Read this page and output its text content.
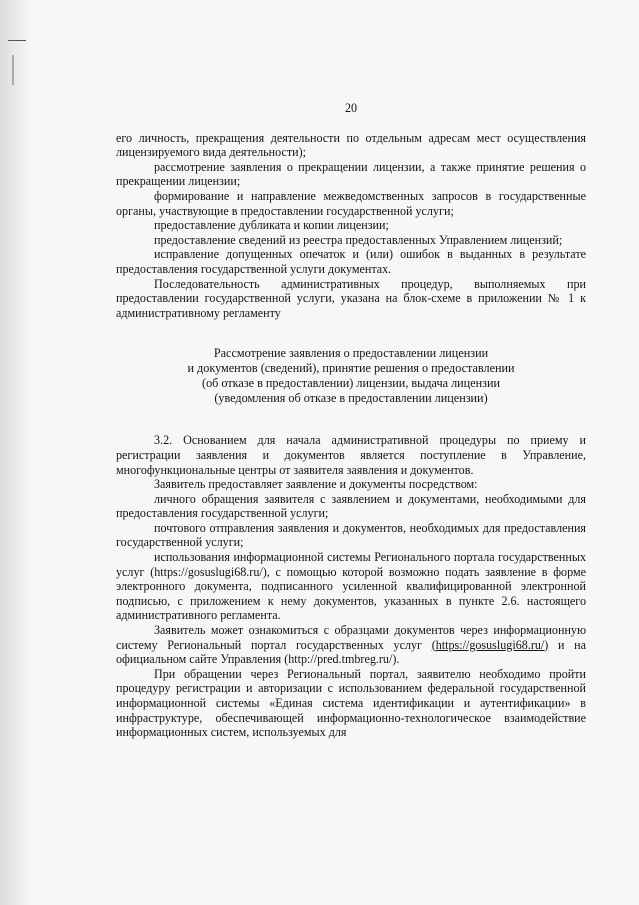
20

его личность, прекращения деятельности по отдельным адресам мест осуществления лицензируемого вида деятельности);

рассмотрение заявления о прекращении лицензии, а также принятие решения о прекращении лицензии;

формирование и направление межведомственных запросов в государственные органы, участвующие в предоставлении государственной услуги;

предоставление дубликата и копии лицензии;

предоставление сведений из реестра предоставленных Управлением лицензий;

исправление допущенных опечаток и (или) ошибок в выданных в результате предоставления государственной услуги документах.

Последовательность административных процедур, выполняемых при предоставлении государственной услуги, указана на блок-схеме в приложении № 1 к административному регламенту

Рассмотрение заявления о предоставлении лицензии
и документов (сведений), принятие решения о предоставлении
(об отказе в предоставлении) лицензии, выдача лицензии
(уведомления об отказе в предоставлении лицензии)

3.2. Основанием для начала административной процедуры по приему и регистрации заявления и документов является поступление в Управление, многофункциональные центры от заявителя заявления и документов.

Заявитель предоставляет заявление и документы посредством:

личного обращения заявителя с заявлением и документами, необходимыми для предоставления государственной услуги;

почтового отправления заявления и документов, необходимых для предоставления государственной услуги;

использования информационной системы Регионального портала государственных услуг (https://gosuslugi68.ru/), с помощью которой возможно подать заявление в форме электронного документа, подписанного усиленной квалифицированной электронной подписью, с приложением к нему документов, указанных в пункте 2.6. настоящего административного регламента.

Заявитель может ознакомиться с образцами документов через информационную систему Региональный портал государственных услуг (https://gosuslugi68.ru/) и на официальном сайте Управления (http://pred.tmbreg.ru/).

При обращении через Региональный портал, заявителю необходимо пройти процедуру регистрации и авторизации с использованием федеральной государственной информационной системы «Единая система идентификации и аутентификации» в инфраструктуре, обеспечивающей информационно-технологическое взаимодействие информационных систем, используемых для
